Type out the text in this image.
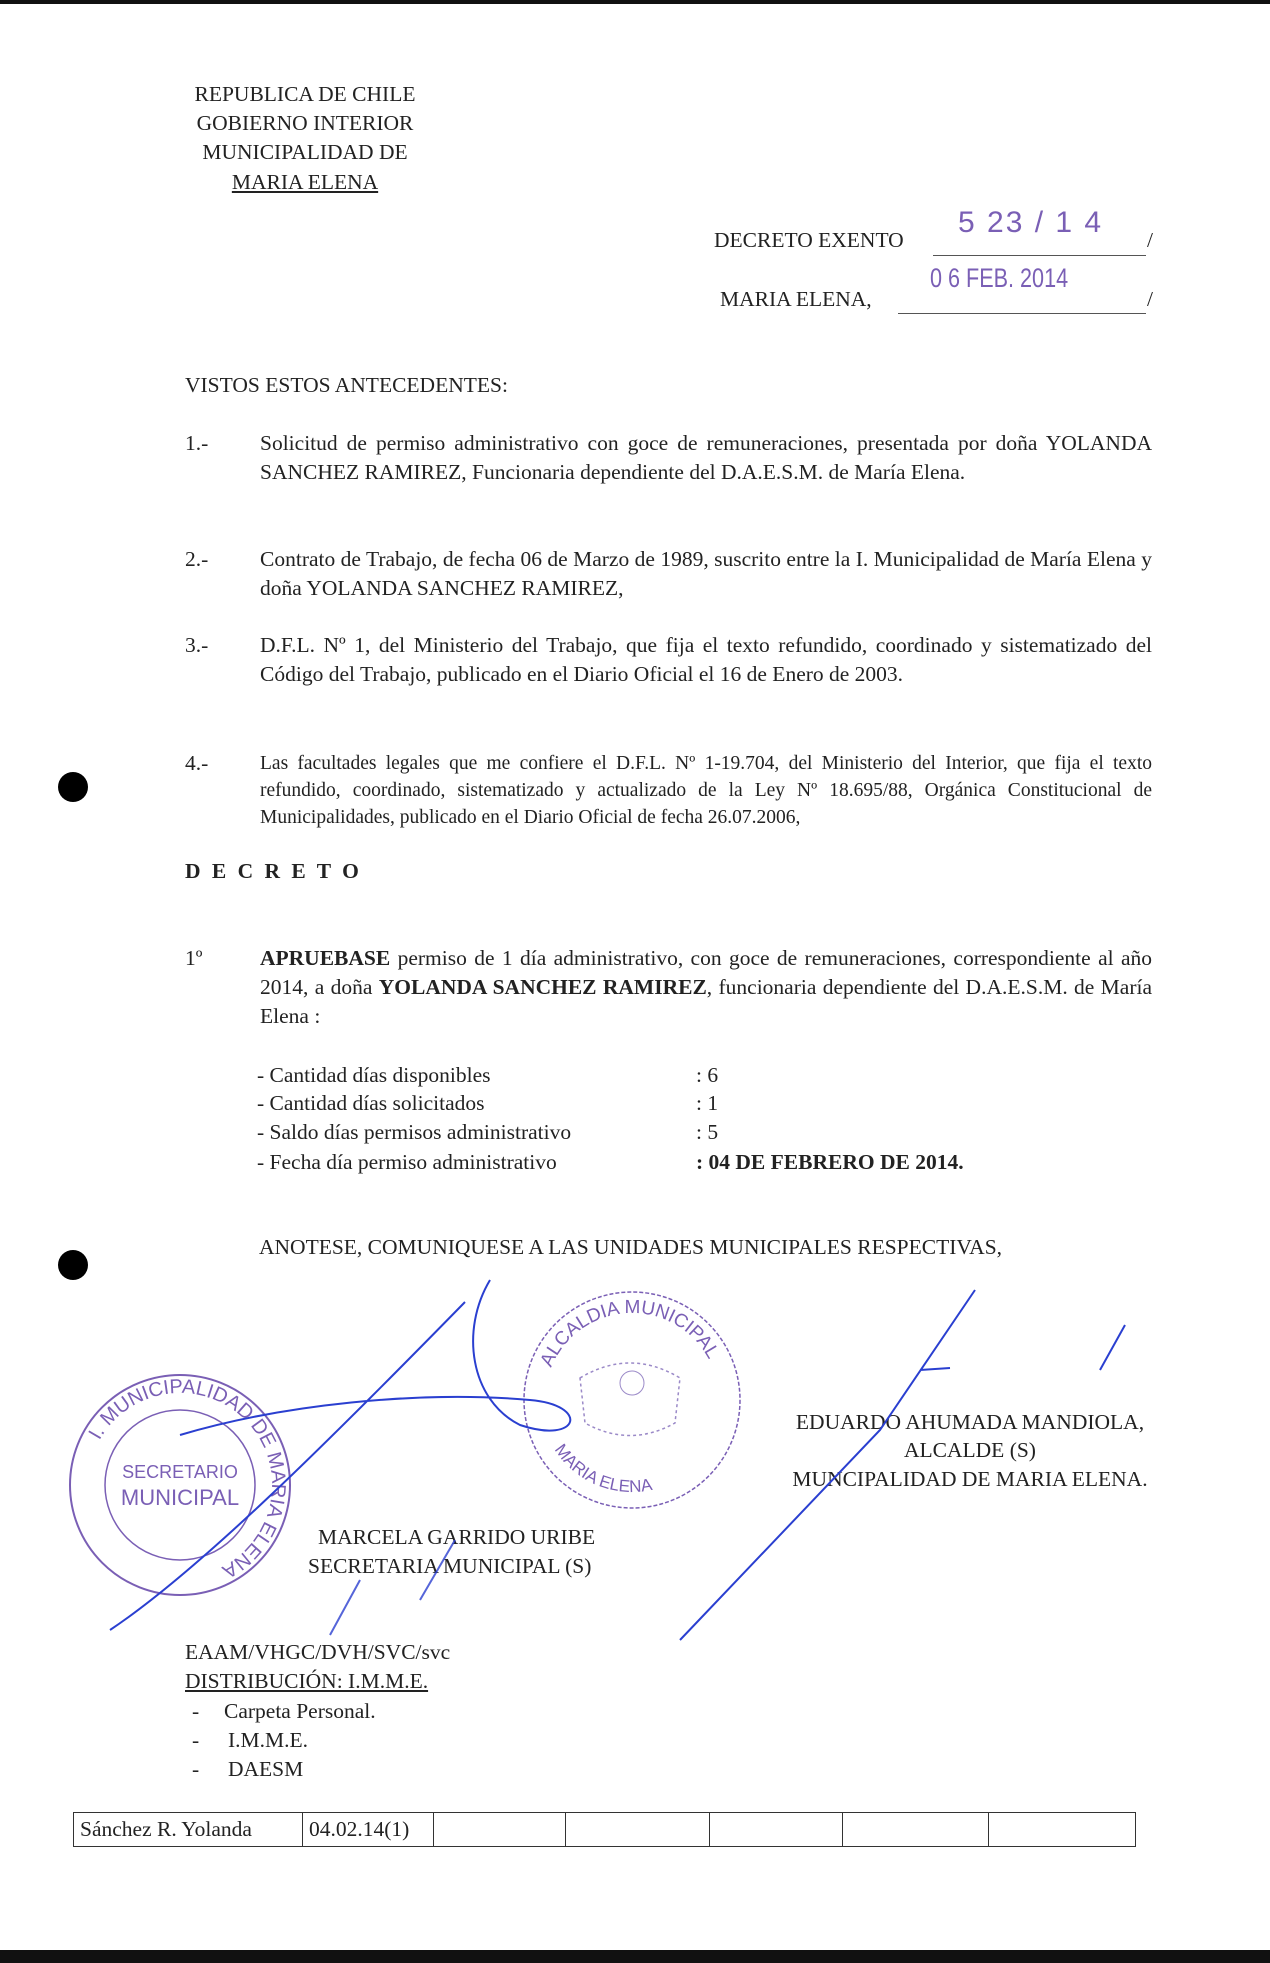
REPUBLICA DE CHILE
GOBIERNO INTERIOR
MUNICIPALIDAD DE
MARIA ELENA
DECRETO EXENTO	/
5 23 / 1 4
MARIA ELENA,	/
0 6 FEB. 2014
VISTOS ESTOS ANTECEDENTES:
1.- Solicitud de permiso administrativo con goce de remuneraciones, presentada por doña YOLANDA SANCHEZ RAMIREZ, Funcionaria dependiente del D.A.E.S.M. de María Elena.
2.- Contrato de Trabajo, de fecha 06 de Marzo de 1989, suscrito entre la I. Municipalidad de María Elena y doña YOLANDA SANCHEZ RAMIREZ,
3.- D.F.L. Nº 1, del Ministerio del Trabajo, que fija el texto refundido, coordinado y sistematizado del Código del Trabajo, publicado en el Diario Oficial el 16 de Enero de 2003.
4.-	Las facultades legales que me confiere el D.F.L. Nº 1-19.704, del Ministerio del Interior, que fija el texto refundido, coordinado, sistematizado y actualizado de la Ley Nº 18.695/88, Orgánica Constitucional de Municipalidades, publicado en el Diario Oficial de fecha 26.07.2006,
D E C R E T O
1º	APRUEBASE permiso de 1 día administrativo, con goce de remuneraciones, correspondiente al año 2014, a doña YOLANDA SANCHEZ RAMIREZ, funcionaria dependiente del D.A.E.S.M. de María Elena :
- Cantidad días disponibles	: 6
- Cantidad días solicitados	: 1
- Saldo días permisos administrativo	: 5
- Fecha día permiso administrativo	: 04 DE FEBRERO DE 2014.
ANOTESE, COMUNIQUESE A LAS UNIDADES MUNICIPALES RESPECTIVAS,
I. MUNICIPALIDAD DE MARIA ELENA
SECRETARIO
MUNICIPAL
ALCALDIA MUNICIPAL
MARIA ELENA
EDUARDO AHUMADA MANDIOLA,
ALCALDE (S)
MUNCIPALIDAD DE MARIA ELENA.
MARCELA GARRIDO URIBE
SECRETARIA MUNICIPAL (S)
EAAM/VHGC/DVH/SVC/svc
DISTRIBUCIÓN: I.M.M.E.
- Carpeta Personal.
- I.M.M.E.
- DAESM
Sánchez R. Yolanda	04.02.14(1)					
